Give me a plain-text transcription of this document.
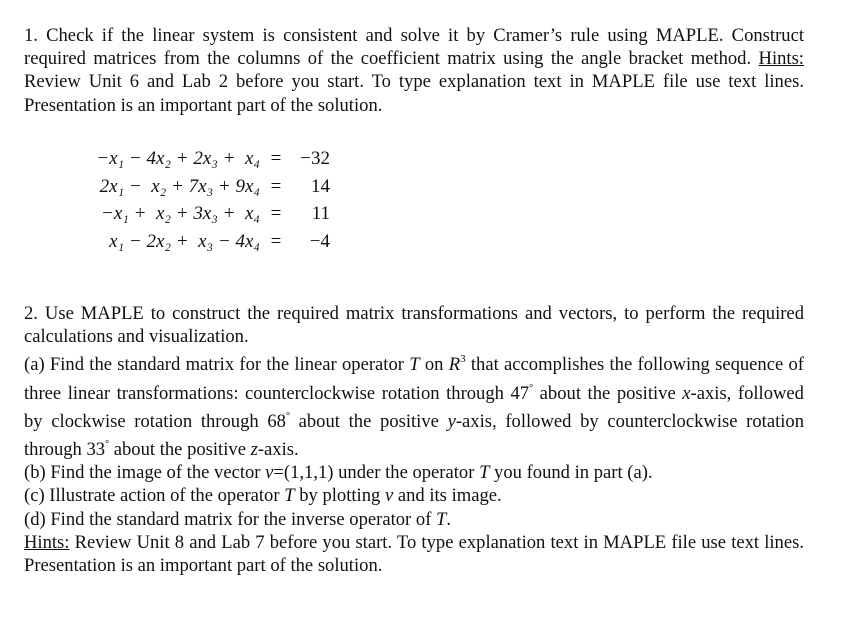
1. Check if the linear system is consistent and solve it by Cramer’s rule using MAPLE. Construct required matrices from the columns of the coefficient matrix using the angle bracket method. Hints: Review Unit 6 and Lab 2 before you start. To type explanation text in MAPLE file use text lines. Presentation is an important part of the solution.
−x₁ − 4x₂ + 2x₃ +  x₄ = −32
2x₁ −  x₂ + 7x₃ + 9x₄ =	14
−x₁ +  x₂ + 3x₃ +  x₄ =	11
x₁ − 2x₂ +  x₃ − 4x₄ =	−4
2. Use MAPLE to construct the required matrix transformations and vectors, to perform the required calculations and visualization.
(a) Find the standard matrix for the linear operator T on $R^3$ that accomplishes the following sequence of three linear transformations: counterclockwise rotation through 47° about the positive x-axis, followed by clockwise rotation through 68° about the positive y-axis, followed by counterclockwise rotation through 33° about the positive z-axis.
(b) Find the image of the vector v=(1,1,1) under the operator T you found in part (a).
(c) Illustrate action of the operator T by plotting v and its image.
(d) Find the standard matrix for the inverse operator of T.
Hints: Review Unit 8 and Lab 7 before you start. To type explanation text in MAPLE file use text lines. Presentation is an important part of the solution.
